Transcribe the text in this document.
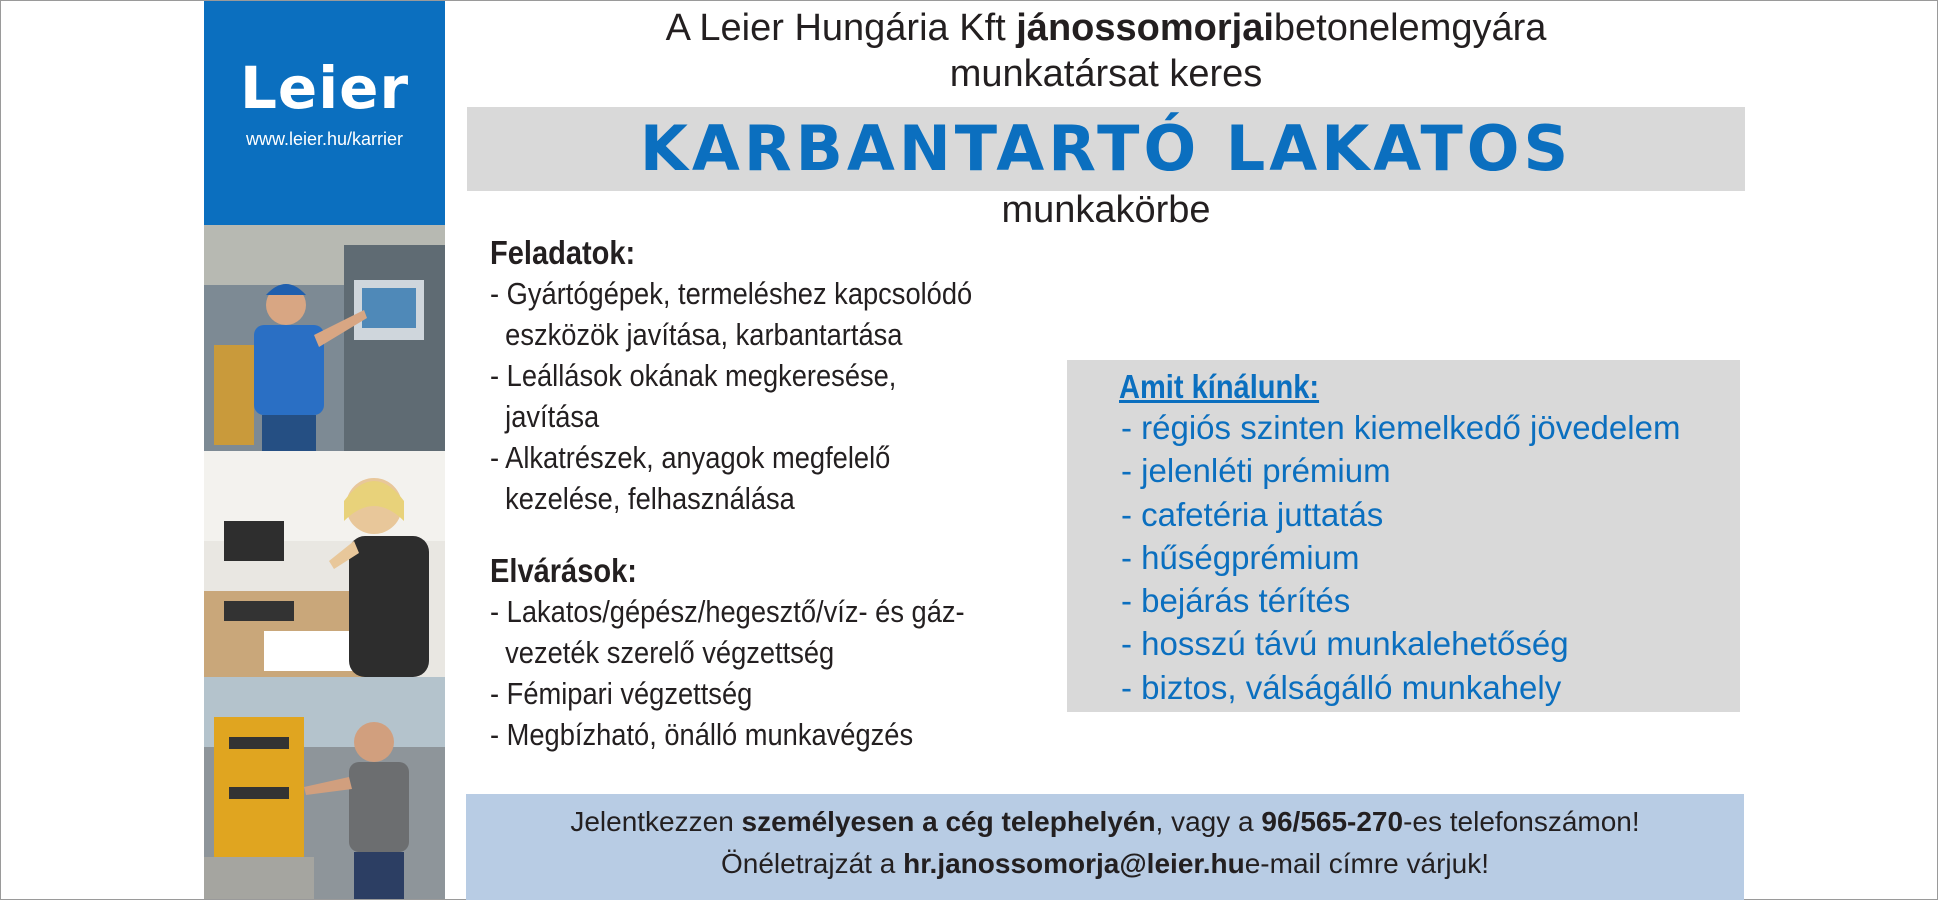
Leier
www.leier.hu/karrier
A Leier Hungária Kft jánossomorjaibetonelemgyára
munkatársat keres
KARBANTARTÓ LAKATOS
munkakörbe
Feladatok:
- Gyártógépek, termeléshez kapcsolódó
eszközök javítása, karbantartása
- Leállások okának megkeresése,
javítása
- Alkatrészek, anyagok megfelelő
kezelése, felhasználása
Elvárások:
- Lakatos/gépész/hegesztő/víz- és gáz-
vezeték szerelő végzettség
- Fémipari végzettség
- Megbízható, önálló munkavégzés
Amit kínálunk:
- régiós szinten kiemelkedő jövedelem
- jelenléti prémium
- cafetéria juttatás
- hűségprémium
- bejárás térítés
- hosszú távú munkalehetőség
- biztos, válságálló munkahely
Jelentkezzen személyesen a cég telephelyén, vagy a 96/565-270-es telefonszámon!
Önéletrajzát a hr.janossomorja@leier.hue-mail címre várjuk!
